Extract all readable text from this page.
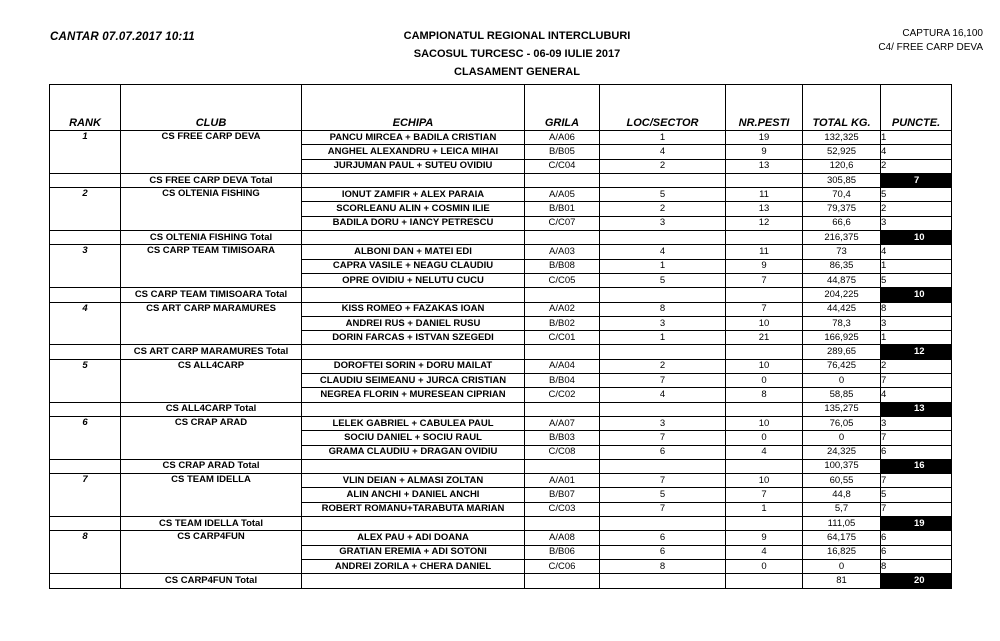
CANTAR 07.07.2017 10:11	CAMPIONATUL REGIONAL INTERCLUBURI
SACOSUL TURCESC - 06-09 IULIE 2017
CLASAMENT GENERAL
CAPTURA 16,100
C4/ FREE CARP DEVA
RANK	CLUB	ECHIPA	GRILA	LOC/SECTOR	NR.PESTI	TOTAL KG.	PUNCTE.
1	CS FREE CARP DEVA	PANCU MIRCEA + BADILA CRISTIAN	A/A06	1	19	132,325	1
		ANGHEL ALEXANDRU + LEICA MIHAI	B/B05	4	9	52,925	4
		JURJUMAN PAUL + SUTEU OVIDIU	C/C04	2	13	120,6	2
	CS FREE CARP DEVA Total					305,85	7
2	CS OLTENIA FISHING	IONUT ZAMFIR + ALEX PARAIA	A/A05	5	11	70,4	5
		SCORLEANU ALIN + COSMIN ILIE	B/B01	2	13	79,375	2
		BADILA DORU + IANCY PETRESCU	C/C07	3	12	66,6	3
	CS OLTENIA FISHING Total					216,375	10
3	CS CARP TEAM TIMISOARA	ALBONI DAN + MATEI EDI	A/A03	4	11	73	4
		CAPRA VASILE + NEAGU CLAUDIU	B/B08	1	9	86,35	1
		OPRE OVIDIU + NELUTU CUCU	C/C05	5	7	44,875	5
	CS CARP TEAM TIMISOARA Total					204,225	10
4	CS ART CARP MARAMURES	KISS ROMEO + FAZAKAS IOAN	A/A02	8	7	44,425	8
		ANDREI RUS + DANIEL RUSU	B/B02	3	10	78,3	3
		DORIN FARCAS + ISTVAN SZEGEDI	C/C01	1	21	166,925	1
	CS ART CARP MARAMURES Total					289,65	12
5	CS ALL4CARP	DOROFTEI SORIN + DORU MAILAT	A/A04	2	10	76,425	2
		CLAUDIU SEIMEANU + JURCA CRISTIAN	B/B04	7	0	0	7
		NEGREA FLORIN + MURESEAN CIPRIAN	C/C02	4	8	58,85	4
	CS ALL4CARP Total					135,275	13
6	CS CRAP ARAD	LELEK GABRIEL + CABULEA PAUL	A/A07	3	10	76,05	3
		SOCIU DANIEL + SOCIU RAUL	B/B03	7	0	0	7
		GRAMA CLAUDIU + DRAGAN OVIDIU	C/C08	6	4	24,325	6
	CS CRAP ARAD Total					100,375	16
7	CS TEAM IDELLA	VLIN DEIAN + ALMASI ZOLTAN	A/A01	7	10	60,55	7
		ALIN ANCHI + DANIEL ANCHI	B/B07	5	7	44,8	5
		ROBERT ROMANU+TARABUTA MARIAN	C/C03	7	1	5,7	7
	CS TEAM IDELLA Total					111,05	19
8	CS CARP4FUN	ALEX PAU + ADI DOANA	A/A08	6	9	64,175	6
		GRATIAN EREMIA + ADI SOTONI	B/B06	6	4	16,825	6
		ANDREI ZORILA + CHERA DANIEL	C/C06	8	0	0	8
	CS CARP4FUN Total					81	20
